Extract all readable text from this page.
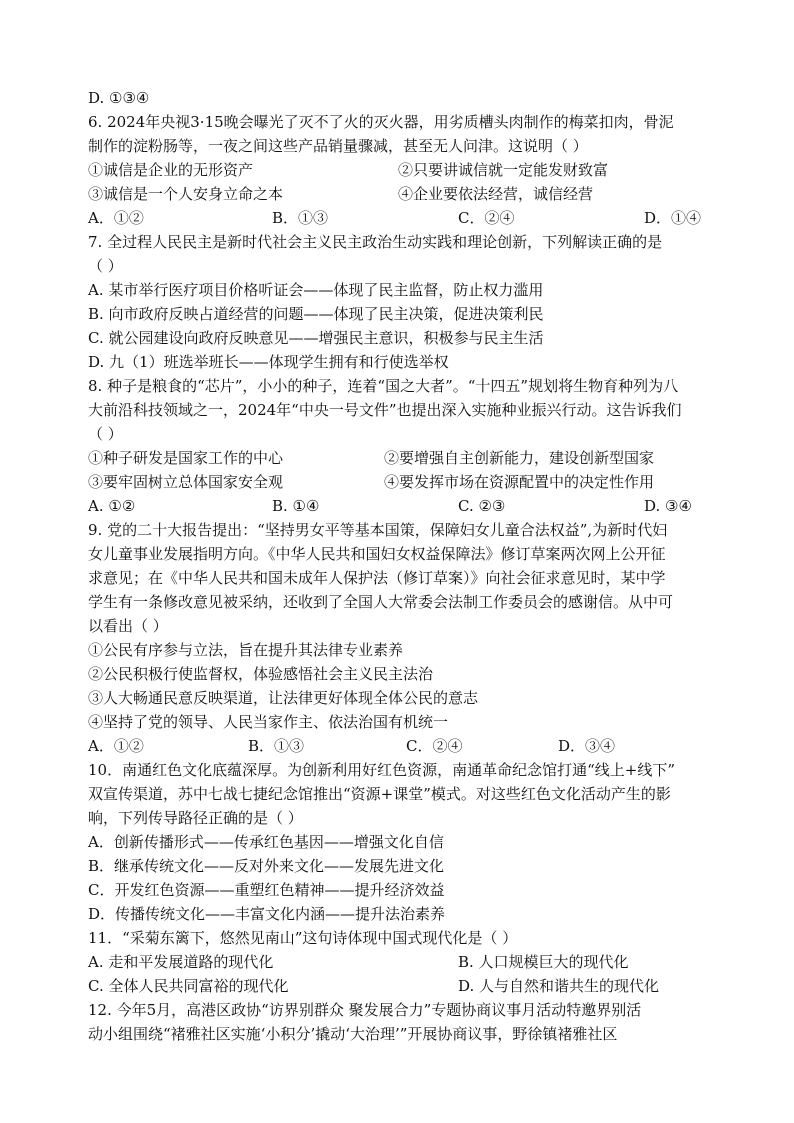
D. ①③④
6. 2024年央视3·15晚会曝光了灭不了火的灭火器，用劣质槽头肉制作的梅菜扣肉，骨泥
制作的淀粉肠等，一夜之间这些产品销量骤减，甚至无人问津。这说明（ ）
①诚信是企业的无形资产	②只要讲诚信就一定能发财致富
③诚信是一个人安身立命之本	④企业要依法经营，诚信经营
A．①②	B．①③	C．②④	D．①④
7. 全过程人民民主是新时代社会主义民主政治生动实践和理论创新，下列解读正确的是
（ ）
A. 某市举行医疗项目价格听证会——体现了民主监督，防止权力滥用
B. 向市政府反映占道经营的问题——体现了民主决策，促进决策利民
C. 就公园建设向政府反映意见——增强民主意识，积极参与民主生活
D. 九（1）班选举班长——体现学生拥有和行使选举权
8. 种子是粮食的“芯片”，小小的种子，连着“国之大者”。“十四五”规划将生物育种列为八
大前沿科技领域之一，2024年“中央一号文件”也提出深入实施种业振兴行动。这告诉我们
（ ）
①种子研发是国家工作的中心	②要增强自主创新能力，建设创新型国家
③要牢固树立总体国家安全观	④要发挥市场在资源配置中的决定性作用
A. ①②	B. ①④	C. ②③	D. ③④
9. 党的二十大报告提出：“坚持男女平等基本国策，保障妇女儿童合法权益”,为新时代妇
女儿童事业发展指明方向。《中华人民共和国妇女权益保障法》修订草案两次网上公开征
求意见；在《中华人民共和国未成年人保护法（修订草案）》向社会征求意见时，某中学
学生有一条修改意见被采纳，还收到了全国人大常委会法制工作委员会的感谢信。从中可
以看出（ ）
①公民有序参与立法，旨在提升其法律专业素养
②公民积极行使监督权，体验感悟社会主义民主法治
③人大畅通民意反映渠道，让法律更好体现全体公民的意志
④坚持了党的领导、人民当家作主、依法治国有机统一
A．①②	B．①③	C．②④	D．③④
10．南通红色文化底蕴深厚。为创新利用好红色资源，南通革命纪念馆打通“线上+线下”
双宣传渠道，苏中七战七捷纪念馆推出“资源+课堂”模式。对这些红色文化活动产生的影
响，下列传导路径正确的是（ ）
A．创新传播形式——传承红色基因——增强文化自信
B．继承传统文化——反对外来文化——发展先进文化
C．开发红色资源——重塑红色精神——提升经济效益
D．传播传统文化——丰富文化内涵——提升法治素养
11．“采菊东篱下，悠然见南山”这句诗体现中国式现代化是（ ）
A. 走和平发展道路的现代化	B. 人口规模巨大的现代化
C. 全体人民共同富裕的现代化	D. 人与自然和谐共生的现代化
12. 今年5月，高港区政协“访界别群众 聚发展合力”专题协商议事月活动特邀界别活
动小组围绕“褚雅社区实施‘小积分’撬动‘大治理’”开展协商议事，野徐镇褚雅社区
